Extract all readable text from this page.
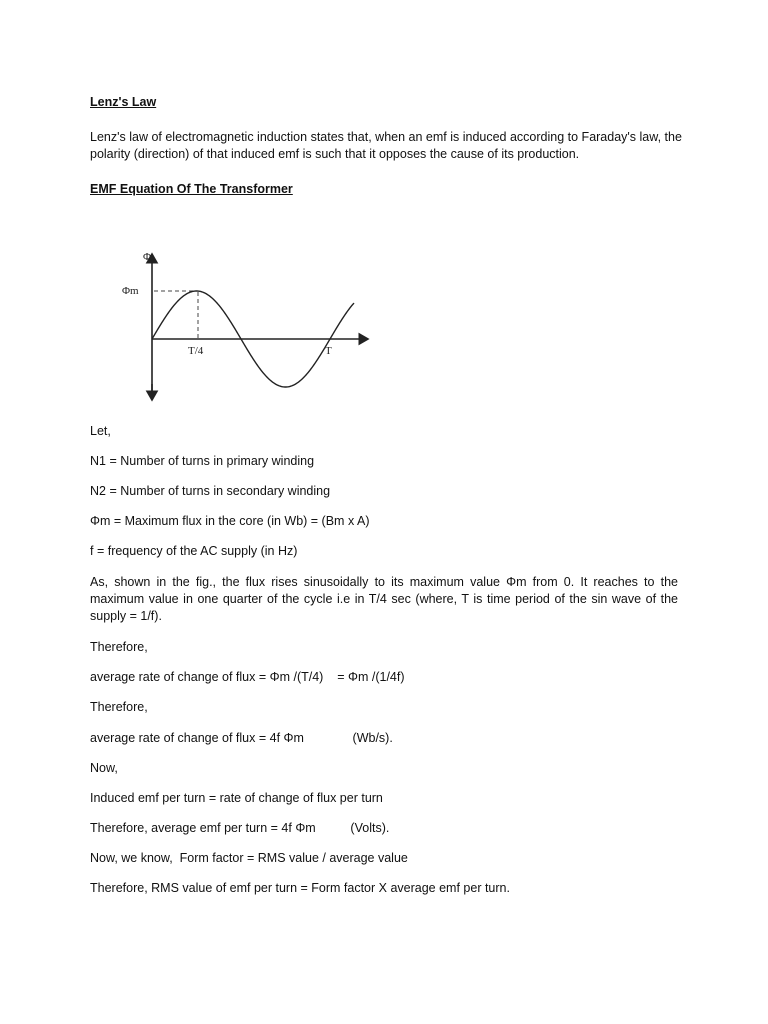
Lenz's Law

Lenz's law of electromagnetic induction states that, when an emf is induced according to Faraday's law, the polarity (direction) of that induced emf is such that it opposes the cause of its production.

EMF Equation Of The Transformer

Φ
Φm
T/4	T

Let,

N1 = Number of turns in primary winding

N2 = Number of turns in secondary winding

Φm = Maximum flux in the core (in Wb) = (Bm x A)

f = frequency of the AC supply (in Hz)

As, shown in the fig., the flux rises sinusoidally to its maximum value Φm from 0. It reaches to the maximum value in one quarter of the cycle i.e in T/4 sec (where, T is time period of the sin wave of the supply = 1/f).

Therefore,

average rate of change of flux = Φm /(T/4)    = Φm /(1/4f)

Therefore,

average rate of change of flux = 4f Φm              (Wb/s).

Now,

Induced emf per turn = rate of change of flux per turn

Therefore, average emf per turn = 4f Φm          (Volts).

Now, we know,  Form factor = RMS value / average value

Therefore, RMS value of emf per turn = Form factor X average emf per turn.
